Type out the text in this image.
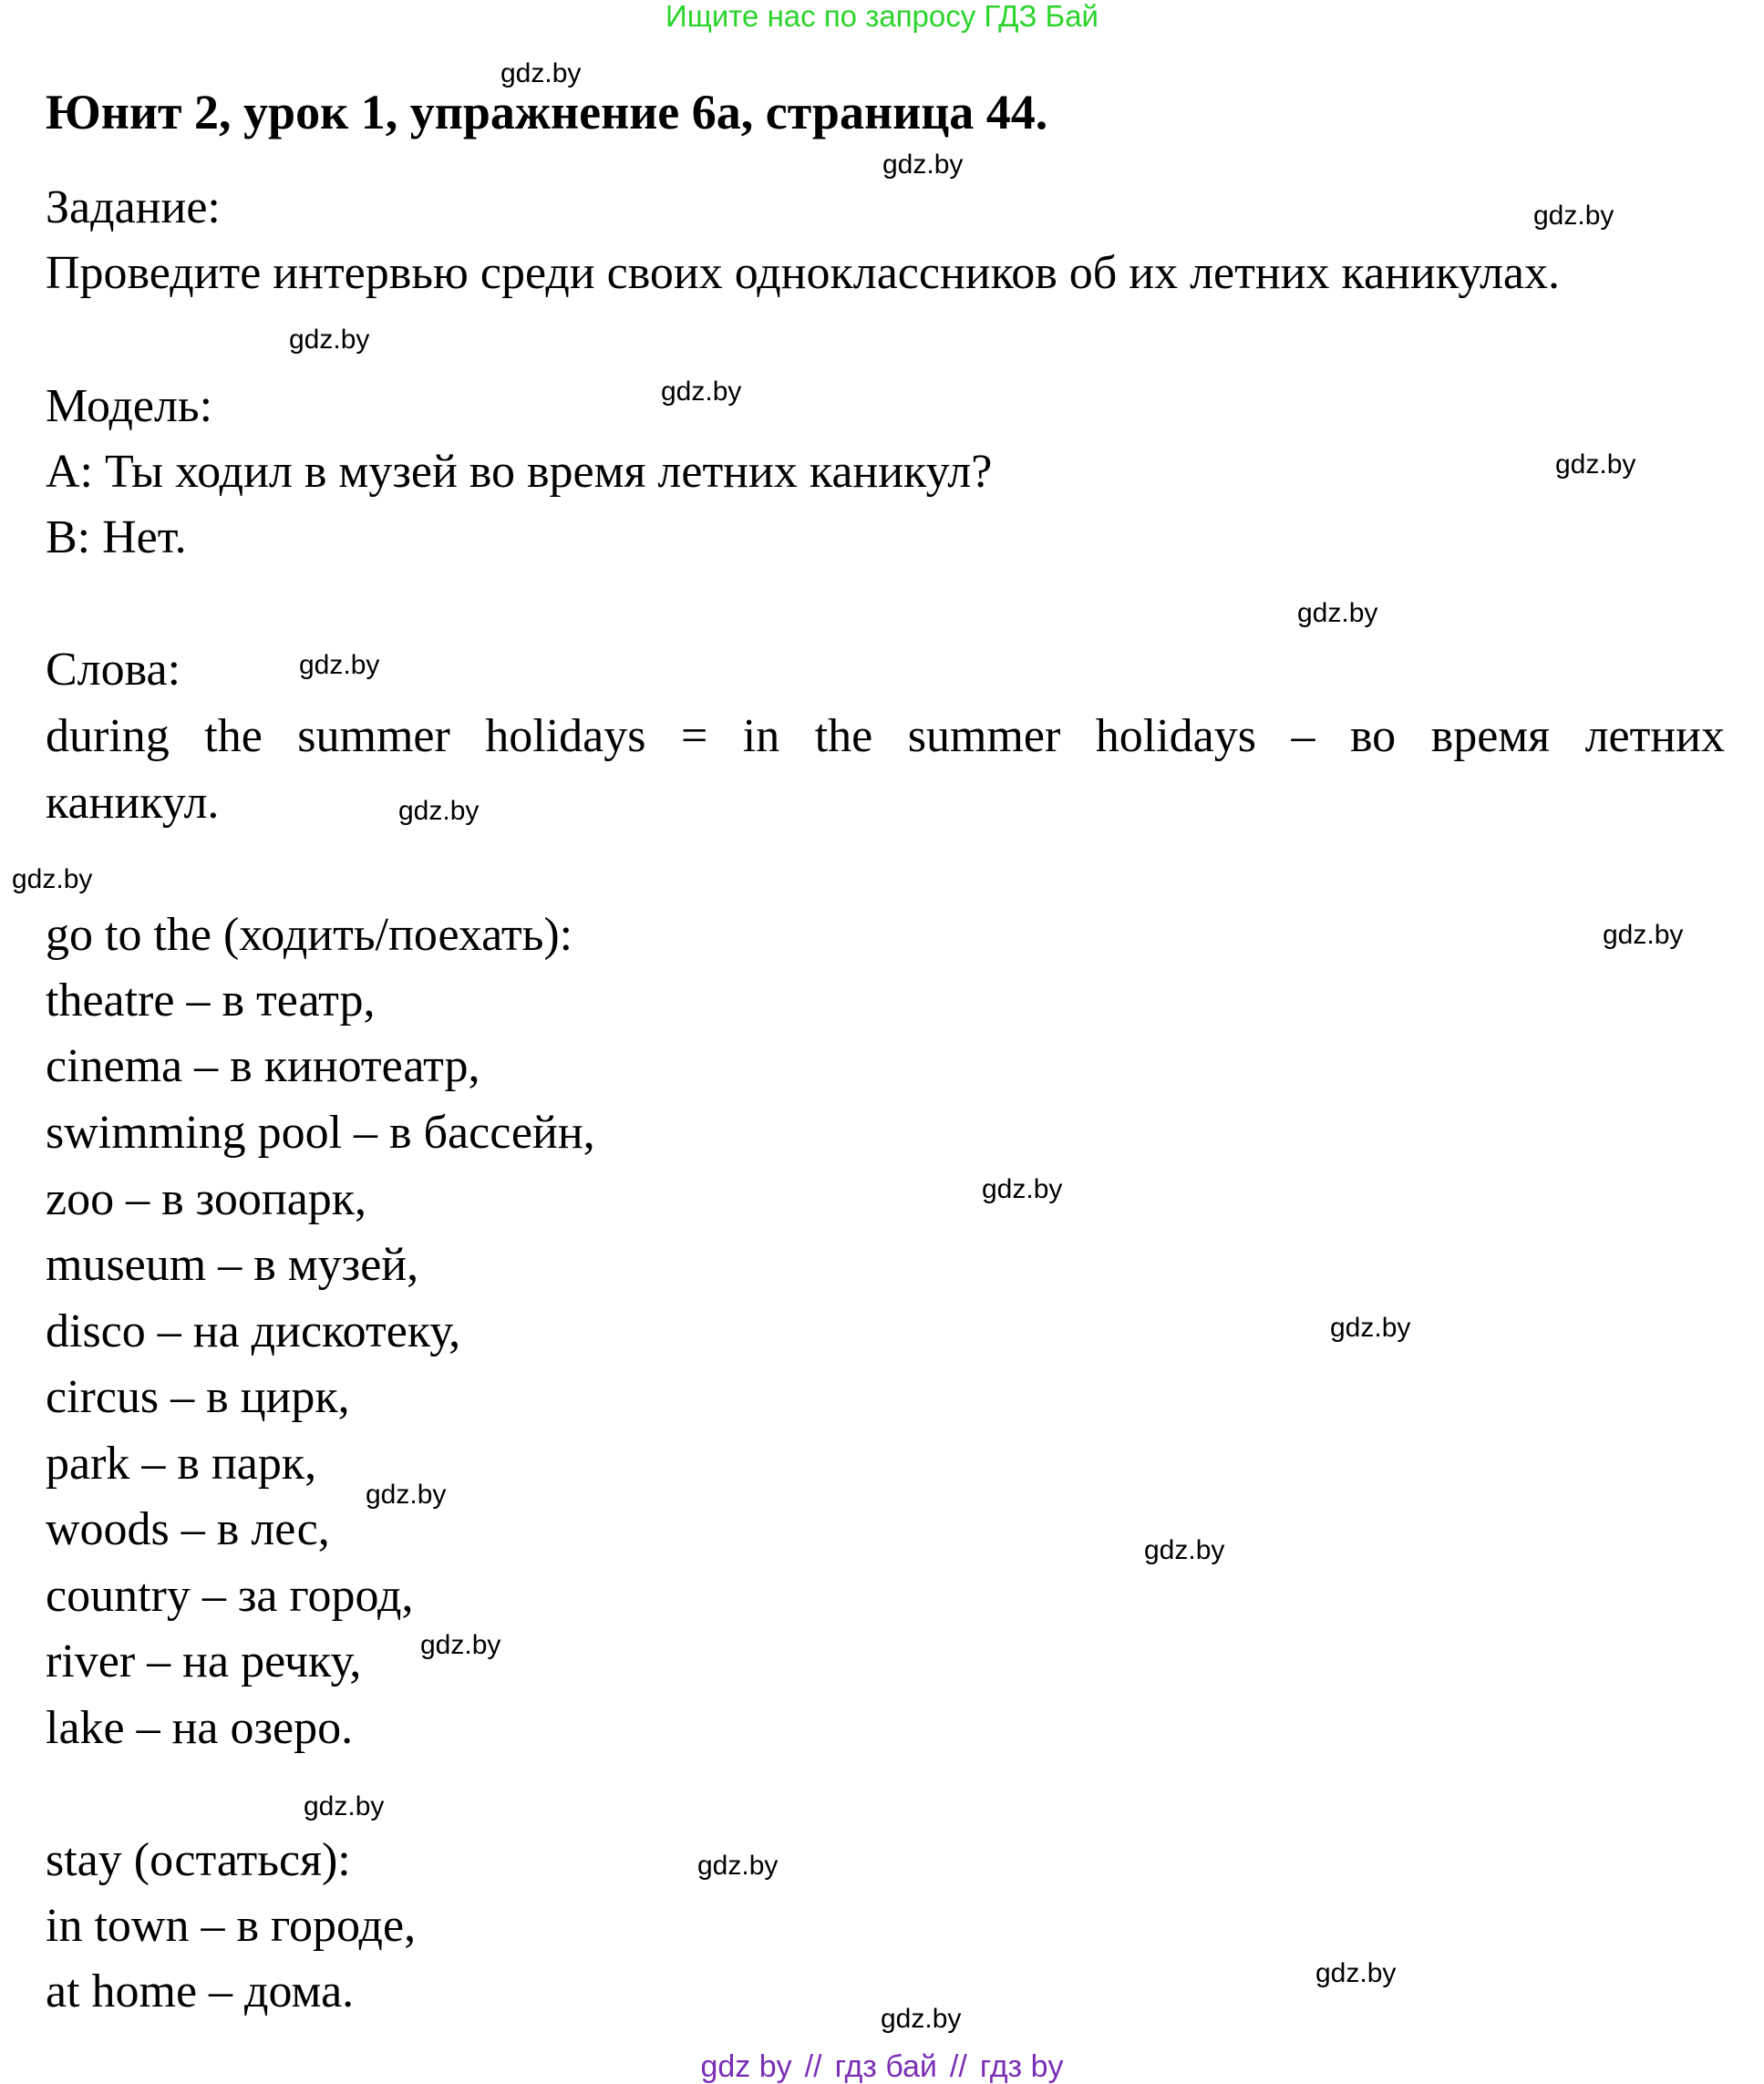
Ищите нас по запросу ГДЗ Бай
Юнит 2, урок 1, упражнение 6а, страница 44.
Задание:
Проведите интервью среди своих одноклассников об их летних каникулах.
Модель:
A: Ты ходил в музей во время летних каникул?
B: Нет.
Слова:
during the summer holidays = in the summer holidays – во время летних
каникул.
go to the (ходить/поехать):
theatre – в театр,
cinema – в кинотеатр,
swimming pool – в бассейн,
zoo – в зоопарк,
museum – в музей,
disco – на дискотеку,
circus – в цирк,
park – в парк,
woods – в лес,
country – за город,
river – на речку,
lake – на озеро.
stay (остаться):
in town – в городе,
at home – дома.
gdz.by
gdz.by
gdz.by
gdz.by
gdz.by
gdz.by
gdz.by
gdz.by
gdz.by
gdz.by
gdz.by
gdz.by
gdz.by
gdz.by
gdz.by
gdz.by
gdz.by
gdz.by
gdz.by
gdz.by
gdz by // гдз бай // гдз by
